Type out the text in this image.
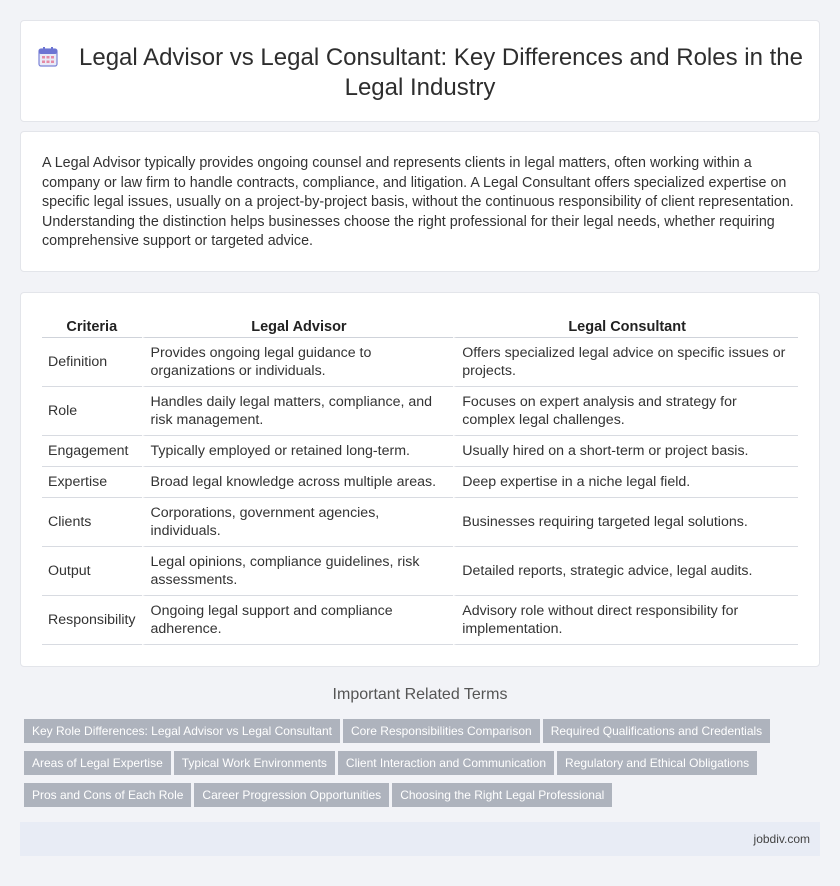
Legal Advisor vs Legal Consultant: Key Differences and Roles in the Legal Industry

A Legal Advisor typically provides ongoing counsel and represents clients in legal matters, often working within a company or law firm to handle contracts, compliance, and litigation. A Legal Consultant offers specialized expertise on specific legal issues, usually on a project-by-project basis, without the continuous responsibility of client representation. Understanding the distinction helps businesses choose the right professional for their legal needs, whether requiring comprehensive support or targeted advice.

Criteria	Legal Advisor	Legal Consultant
Definition	Provides ongoing legal guidance to organizations or individuals.	Offers specialized legal advice on specific issues or projects.
Role	Handles daily legal matters, compliance, and risk management.	Focuses on expert analysis and strategy for complex legal challenges.
Engagement	Typically employed or retained long-term.	Usually hired on a short-term or project basis.
Expertise	Broad legal knowledge across multiple areas.	Deep expertise in a niche legal field.
Clients	Corporations, government agencies, individuals.	Businesses requiring targeted legal solutions.
Output	Legal opinions, compliance guidelines, risk assessments.	Detailed reports, strategic advice, legal audits.
Responsibility	Ongoing legal support and compliance adherence.	Advisory role without direct responsibility for implementation.
Important Related Terms
Key Role Differences: Legal Advisor vs Legal Consultant Core Responsibilities Comparison Required Qualifications and Credentials
Areas of Legal Expertise Typical Work Environments Client Interaction and Communication Regulatory and Ethical Obligations
Pros and Cons of Each Role Career Progression Opportunities Choosing the Right Legal Professional
jobdiv.com
